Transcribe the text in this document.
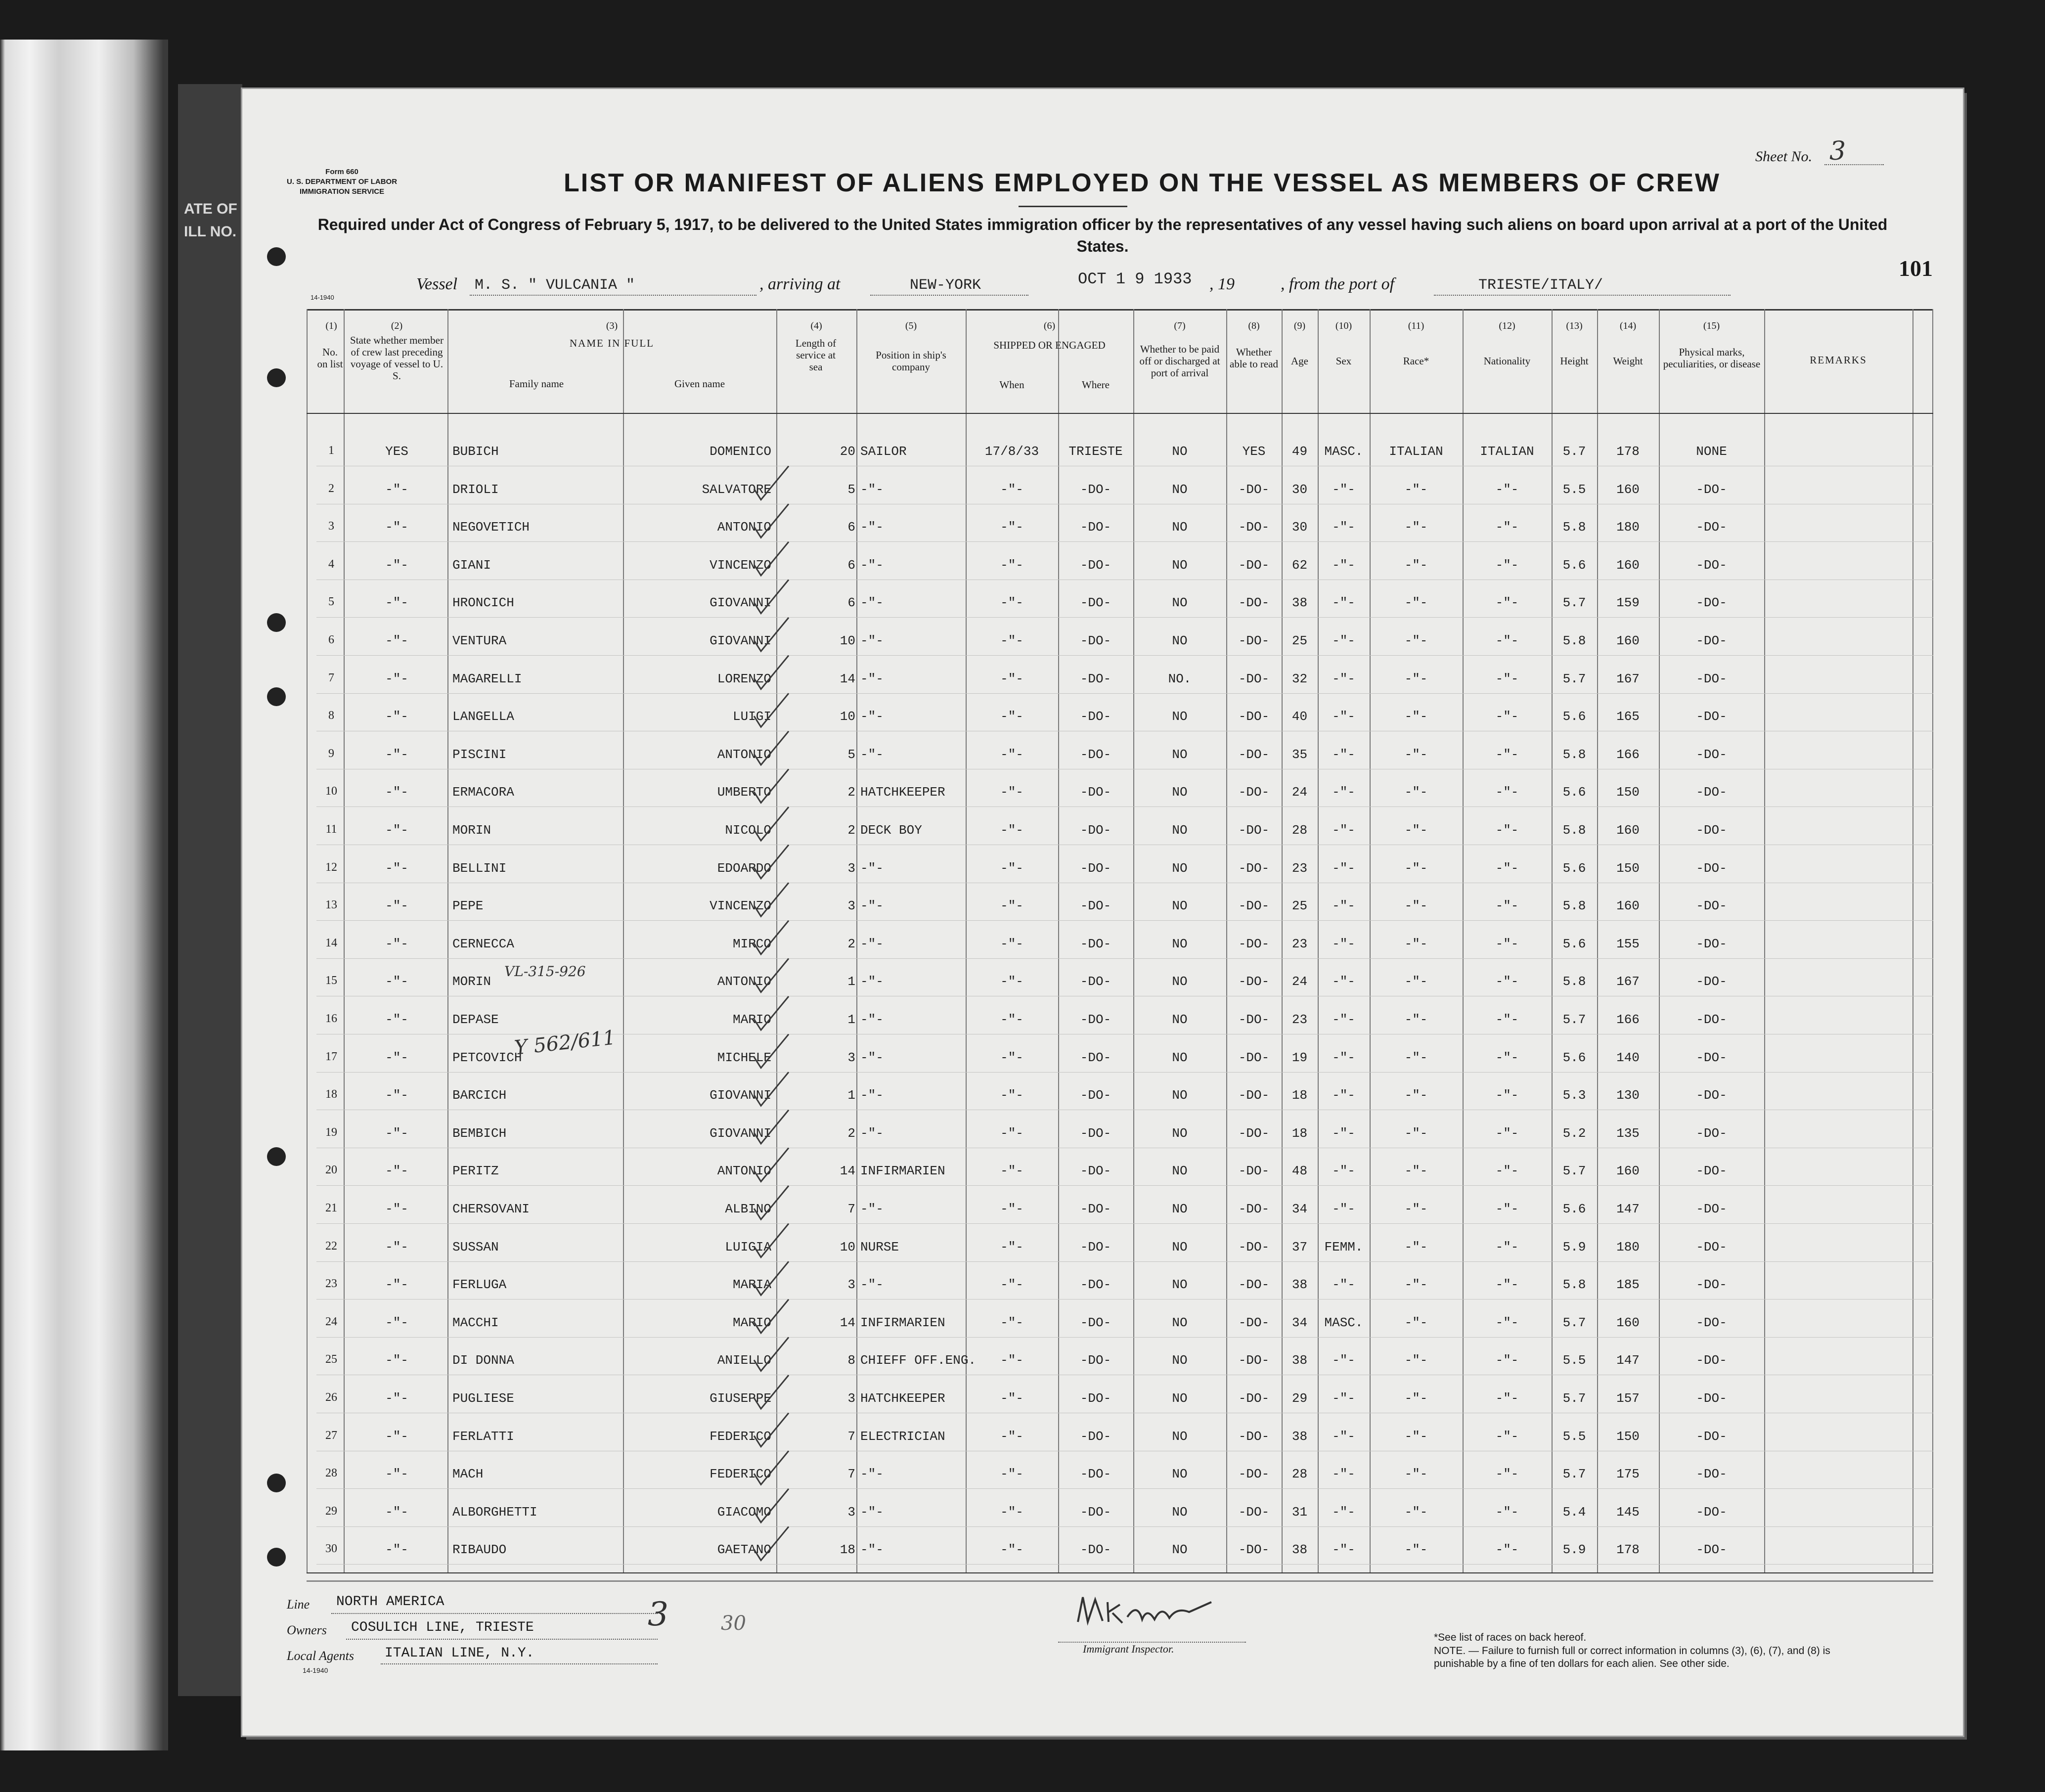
ATE OF
ILL NO.
Form 660
U. S. DEPARTMENT OF LABOR
IMMIGRATION SERVICE
14-1940
LIST OR MANIFEST OF ALIENS EMPLOYED ON THE VESSEL AS MEMBERS OF CREW
Required under Act of Congress of February 5, 1917, to be delivered to the United States immigration officer by the representatives of any vessel having such aliens on board upon arrival at a port of the United States.
Sheet No. 3
101
Vessel M. S. " VULCANIA "	, arriving at	NEW-YORK	OCT 1 9 1933 , 19	, from the port of	TRIESTE/ITALY/
(1)	(2)	(3)	(4)	(5)	(6)	(7)	(8)	(9)	(10)	(11)	(12)	(13)	(14)	(15)
No. on list
State whether member of crew last preceding voyage of vessel to U. S.
NAME IN FULL
Family name	Given name
Length of service at sea
Position in ship's company
SHIPPED OR ENGAGED
When	Where
Whether to be paid off or discharged at port of arrival
Whether able to read	Age	Sex	Race*	Nationality	Height	Weight
Physical marks, peculiarities, or disease	REMARKS
1	YES	BUBICH	DOMENICO	20 SAILOR	17/8/33	TRIESTE	NO	YES	49	MASC.	ITALIAN	ITALIAN	5.7	178	NONE
2	-"-	DRIOLI	SALVATORE	5 -"-	-"-	-DO-	NO	-DO-	30	-"-	-"-	-"-	5.5	160	-DO-
3	-"-	NEGOVETICH	ANTONIO	6 -"-	-"-	-DO-	NO	-DO-	30	-"-	-"-	-"-	5.8	180	-DO-
4	-"-	GIANI	VINCENZO	6 -"-	-"-	-DO-	NO	-DO-	62	-"-	-"-	-"-	5.6	160	-DO-
5	-"-	HRONCICH	GIOVANNI	6 -"-	-"-	-DO-	NO	-DO-	38	-"-	-"-	-"-	5.7	159	-DO-
6	-"-	VENTURA	GIOVANNI	10 -"-	-"-	-DO-	NO	-DO-	25	-"-	-"-	-"-	5.8	160	-DO-
7	-"-	MAGARELLI	LORENZO	14 -"-	-"-	-DO-	NO.	-DO-	32	-"-	-"-	-"-	5.7	167	-DO-
8	-"-	LANGELLA	LUIGI	10 -"-	-"-	-DO-	NO	-DO-	40	-"-	-"-	-"-	5.6	165	-DO-
9	-"-	PISCINI	ANTONIO	5 -"-	-"-	-DO-	NO	-DO-	35	-"-	-"-	-"-	5.8	166	-DO-
10	-"-	ERMACORA	UMBERTO	2 HATCHKEEPER	-"-	-DO-	NO	-DO-	24	-"-	-"-	-"-	5.6	150	-DO-
11	-"-	MORIN	NICOLO	2 DECK BOY	-"-	-DO-	NO	-DO-	28	-"-	-"-	-"-	5.8	160	-DO-
12	-"-	BELLINI	EDOARDO	3 -"-	-"-	-DO-	NO	-DO-	23	-"-	-"-	-"-	5.6	150	-DO-
13	-"-	PEPE	VINCENZO	3 -"-	-"-	-DO-	NO	-DO-	25	-"-	-"-	-"-	5.8	160	-DO-
14	-"-	CERNECCA	MIRCO	2 -"-	-"-	-DO-	NO	-DO-	23	-"-	-"-	-"-	5.6	155	-DO-
15	-"-	MORIN	ANTONIO	1 -"-	-"-	-DO-	NO	-DO-	24	-"-	-"-	-"-	5.8	167	-DO-
16	-"-	DEPASE	MARIO	1 -"-	-"-	-DO-	NO	-DO-	23	-"-	-"-	-"-	5.7	166	-DO-
17	-"-	PETCOVICH	MICHELE	3 -"-	-"-	-DO-	NO	-DO-	19	-"-	-"-	-"-	5.6	140	-DO-
18	-"-	BARCICH	GIOVANNI	1 -"-	-"-	-DO-	NO	-DO-	18	-"-	-"-	-"-	5.3	130	-DO-
19	-"-	BEMBICH	GIOVANNI	2 -"-	-"-	-DO-	NO	-DO-	18	-"-	-"-	-"-	5.2	135	-DO-
20	-"-	PERITZ	ANTONIO	14 INFIRMARIEN	-"-	-DO-	NO	-DO-	48	-"-	-"-	-"-	5.7	160	-DO-
21	-"-	CHERSOVANI	ALBINO	7 -"-	-"-	-DO-	NO	-DO-	34	-"-	-"-	-"-	5.6	147	-DO-
22	-"-	SUSSAN	LUIGIA	10 NURSE	-"-	-DO-	NO	-DO-	37	FEMM.	-"-	-"-	5.9	180	-DO-
23	-"-	FERLUGA	MARIA	3 -"-	-"-	-DO-	NO	-DO-	38	-"-	-"-	-"-	5.8	185	-DO-
24	-"-	MACCHI	MARIO	14 INFIRMARIEN	-"-	-DO-	NO	-DO-	34	MASC.	-"-	-"-	5.7	160	-DO-
25	-"-	DI DONNA	ANIELLO	8 CHIEFF OFF.ENG.	-"-	-DO-	NO	-DO-	38	-"-	-"-	-"-	5.5	147	-DO-
26	-"-	PUGLIESE	GIUSEPPE	3 HATCHKEEPER	-"-	-DO-	NO	-DO-	29	-"-	-"-	-"-	5.7	157	-DO-
27	-"-	FERLATTI	FEDERICO	7 ELECTRICIAN	-"-	-DO-	NO	-DO-	38	-"-	-"-	-"-	5.5	150	-DO-
28	-"-	MACH	FEDERICO	7 -"-	-"-	-DO-	NO	-DO-	28	-"-	-"-	-"-	5.7	175	-DO-
29	-"-	ALBORGHETTI	GIACOMO	3 -"-	-"-	-DO-	NO	-DO-	31	-"-	-"-	-"-	5.4	145	-DO-
30	-"-	RIBAUDO	GAETANO	18 -"-	-"-	-DO-	NO	-DO-	38	-"-	-"-	-"-	5.9	178	-DO-
VL-315-926
Y 562/611
Line NORTH AMERICA
Owners COSULICH LINE, TRIESTE
Local Agents ITALIAN LINE, N.Y.
14-1940
3	30
Immigrant Inspector.
*See list of races on back hereof.
NOTE. — Failure to furnish full or correct information in columns (3), (6), (7), and (8) is punishable by a fine of ten dollars for each alien. See other side.
